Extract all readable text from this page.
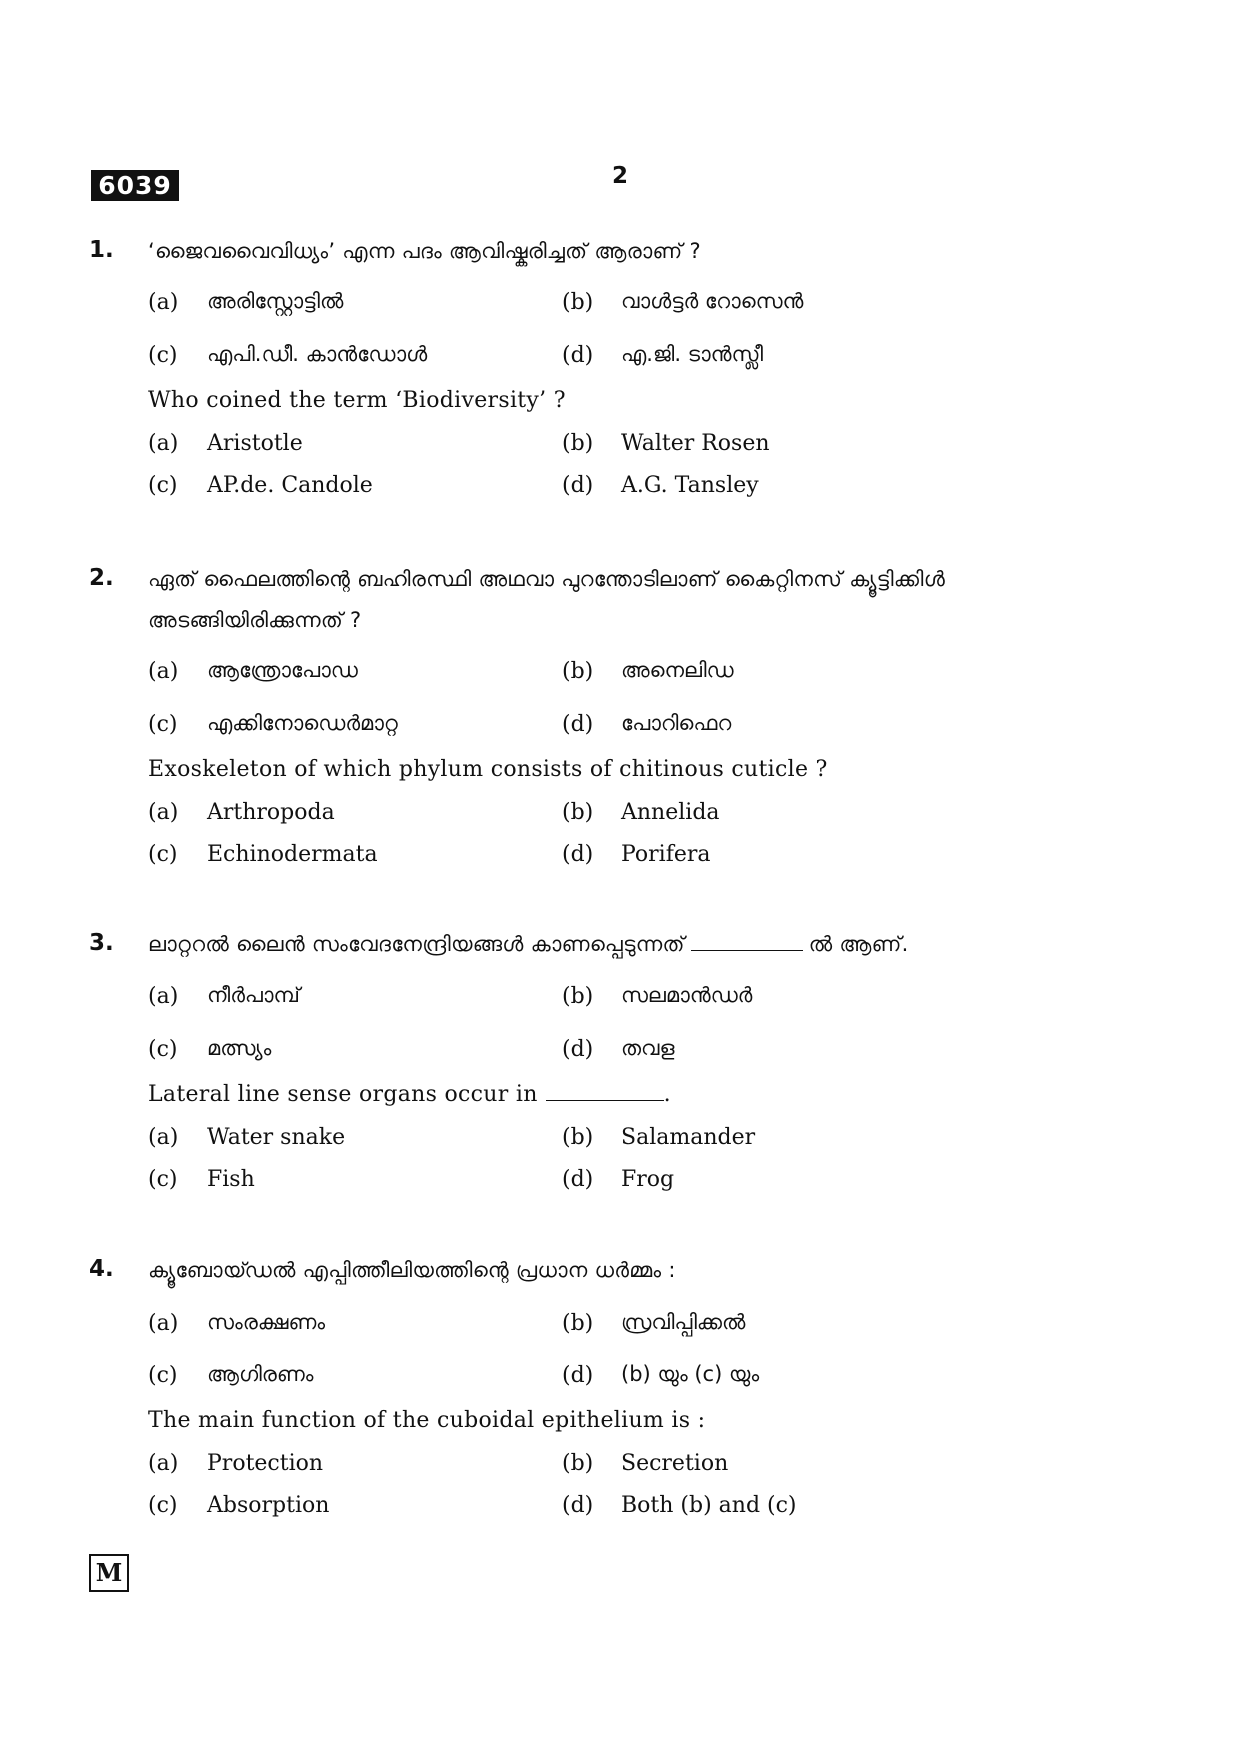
6039	2
1. ‘ജൈവവൈവിധ്യം’ എന്ന പദം ആവിഷ്കരിച്ചത് ആരാണ് ?
(a) അരിസ്റ്റോട്ടിൽ	(b) വാൾട്ടർ റോസെൻ
(c) എപി.ഡീ. കാൻഡോൾ	(d) എ.ജി. ടാൻസ്ലീ
Who coined the term ‘Biodiversity’ ?
(a) Aristotle	(b) Walter Rosen
(c) AP.de. Candole	(d) A.G. Tansley
2. ഏത് ഫൈലത്തിന്റെ ബഹിരസ്ഥി അഥവാ പുറന്തോടിലാണ് കൈറ്റിനസ് ക്യൂട്ടിക്കിൾ
അടങ്ങിയിരിക്കുന്നത് ?
(a) ആന്ത്രോപോഡ	(b) അനെലിഡ
(c) എക്കിനോഡെർമാറ്റ	(d) പോറിഫെറ
Exoskeleton of which phylum consists of chitinous cuticle ?
(a) Arthropoda	(b) Annelida
(c) Echinodermata	(d) Porifera
3. ലാറ്ററൽ ലൈൻ സംവേദനേന്ദ്രിയങ്ങൾ കാണപ്പെടുന്നത്	ൽ ആണ്.
(a) നീർപാമ്പ്	(b) സലമാൻഡർ
(c) മത്സ്യം	(d) തവള
Lateral line sense organs occur in	.
(a) Water snake	(b) Salamander
(c) Fish	(d) Frog
4. ക്യൂബോയ്ഡൽ എപ്പിത്തീലിയത്തിന്റെ പ്രധാന ധർമ്മം :
(a) സംരക്ഷണം	(b) സ്രവിപ്പിക്കൽ
(c) ആഗിരണം	(d) (b) യും (c) യും
The main function of the cuboidal epithelium is :
(a) Protection	(b) Secretion
(c) Absorption	(d) Both (b) and (c)
M
